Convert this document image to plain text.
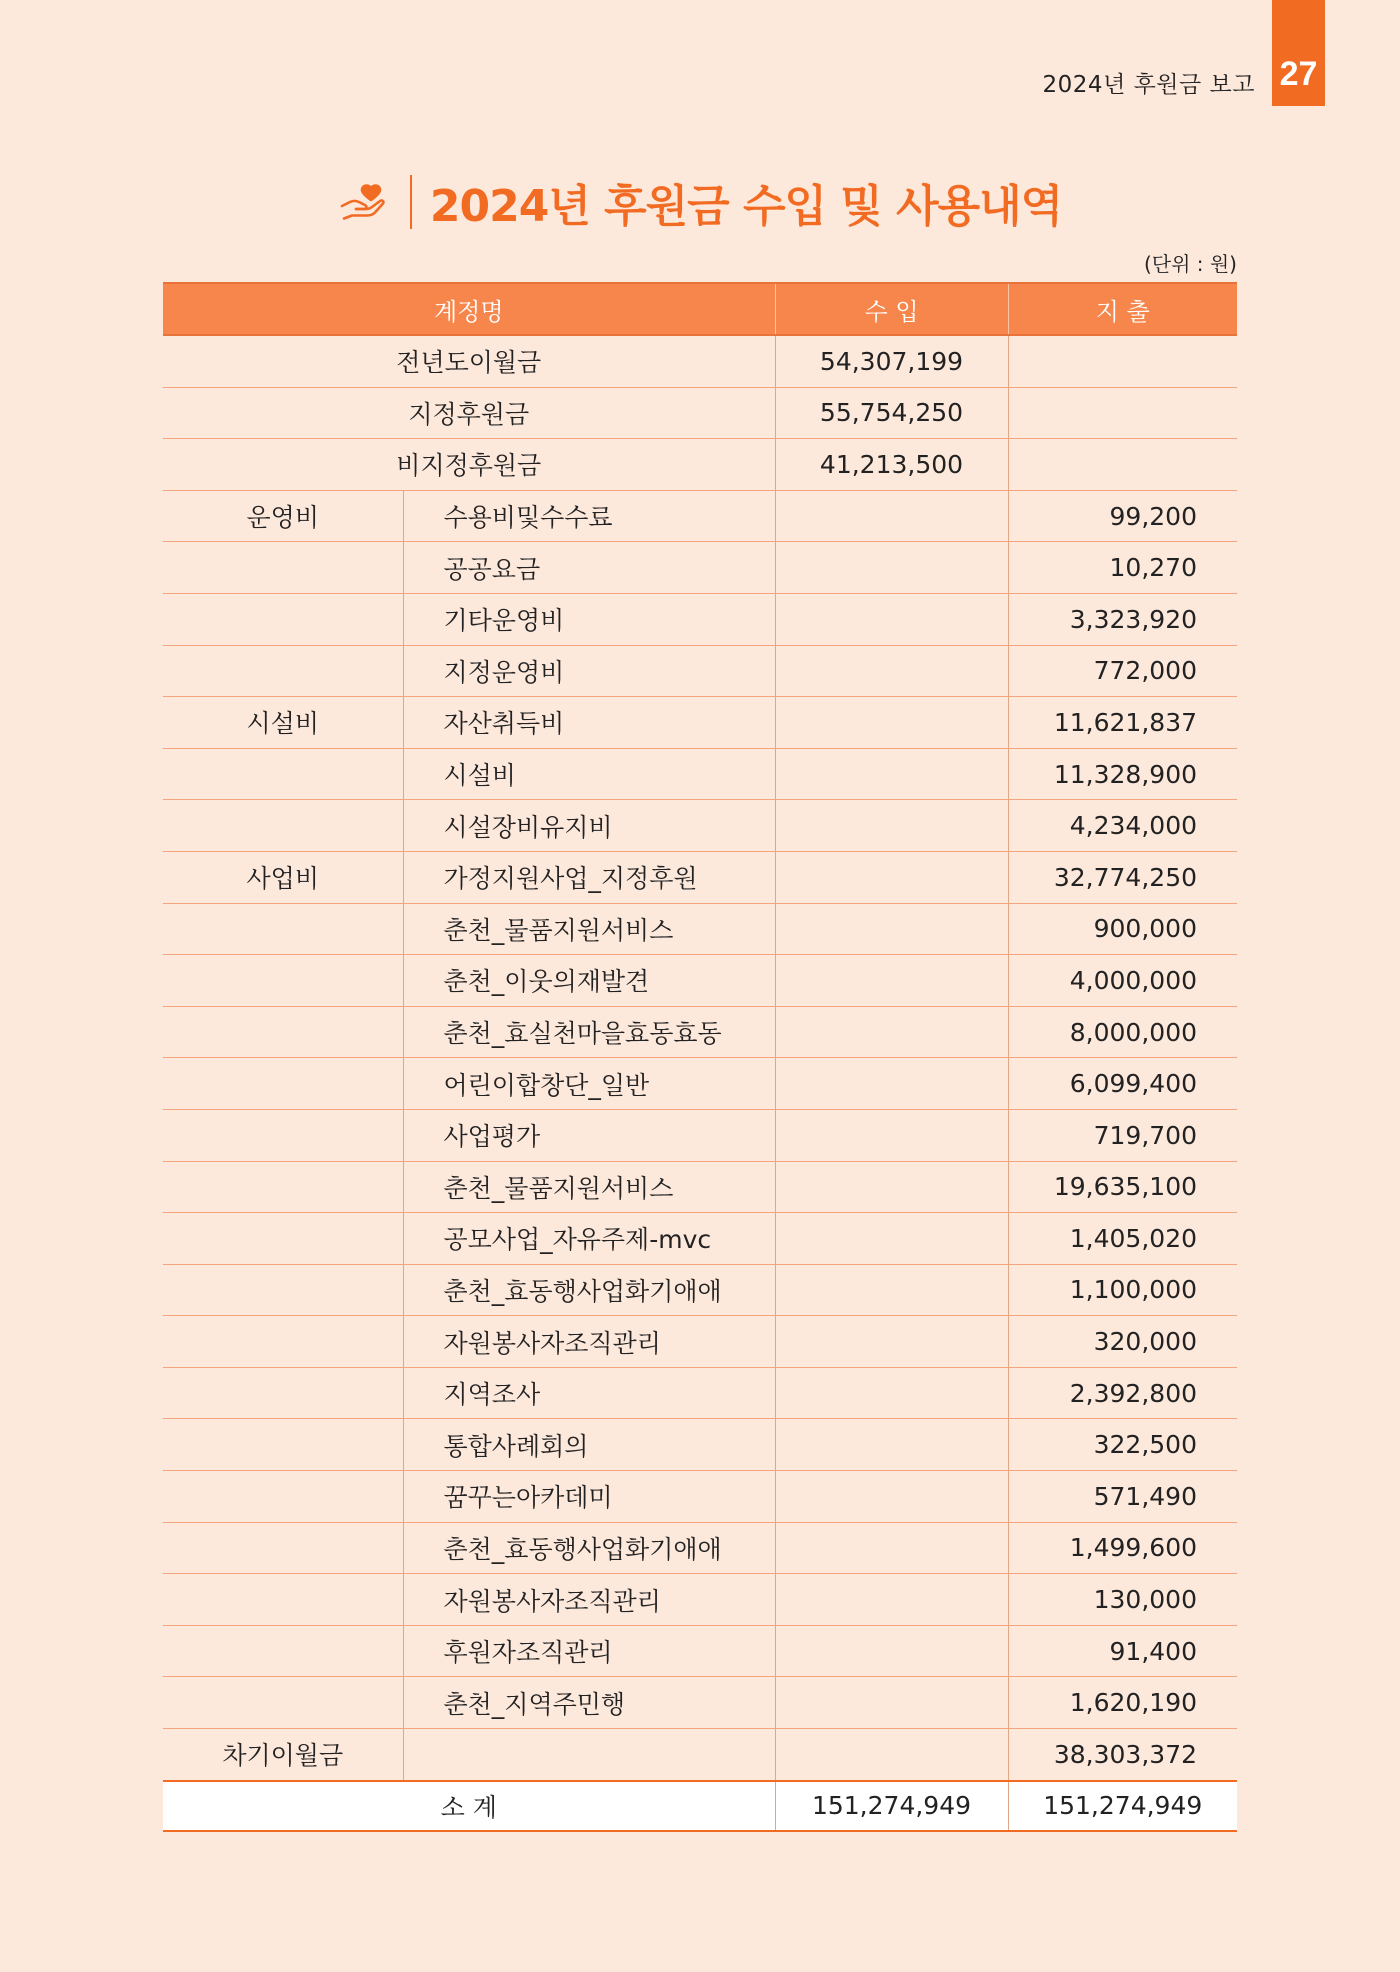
2024년 후원금 보고 27
2024년 후원금 수입 및 사용내역
(단위 : 원)
계정명		수 입	지 출
전년도이월금		54,307,199	
지정후원금		55,754,250	
비지정후원금		41,213,500	
운영비	수용비및수수료		99,200
	공공요금		10,270
	기타운영비		3,323,920
	지정운영비		772,000
시설비	자산취득비		11,621,837
	시설비		11,328,900
	시설장비유지비		4,234,000
사업비	가정지원사업_지정후원		32,774,250
	춘천_물품지원서비스		900,000
	춘천_이웃의재발견		4,000,000
	춘천_효실천마을효동효동		8,000,000
	어린이합창단_일반		6,099,400
	사업평가		719,700
	춘천_물품지원서비스		19,635,100
	공모사업_자유주제-mvc		1,405,020
	춘천_효동행사업화기애애		1,100,000
	자원봉사자조직관리		320,000
	지역조사		2,392,800
	통합사례회의		322,500
	꿈꾸는아카데미		571,490
	춘천_효동행사업화기애애		1,499,600
	자원봉사자조직관리		130,000
	후원자조직관리		91,400
	춘천_지역주민행		1,620,190
차기이월금			38,303,372
소 계		151,274,949	151,274,949
